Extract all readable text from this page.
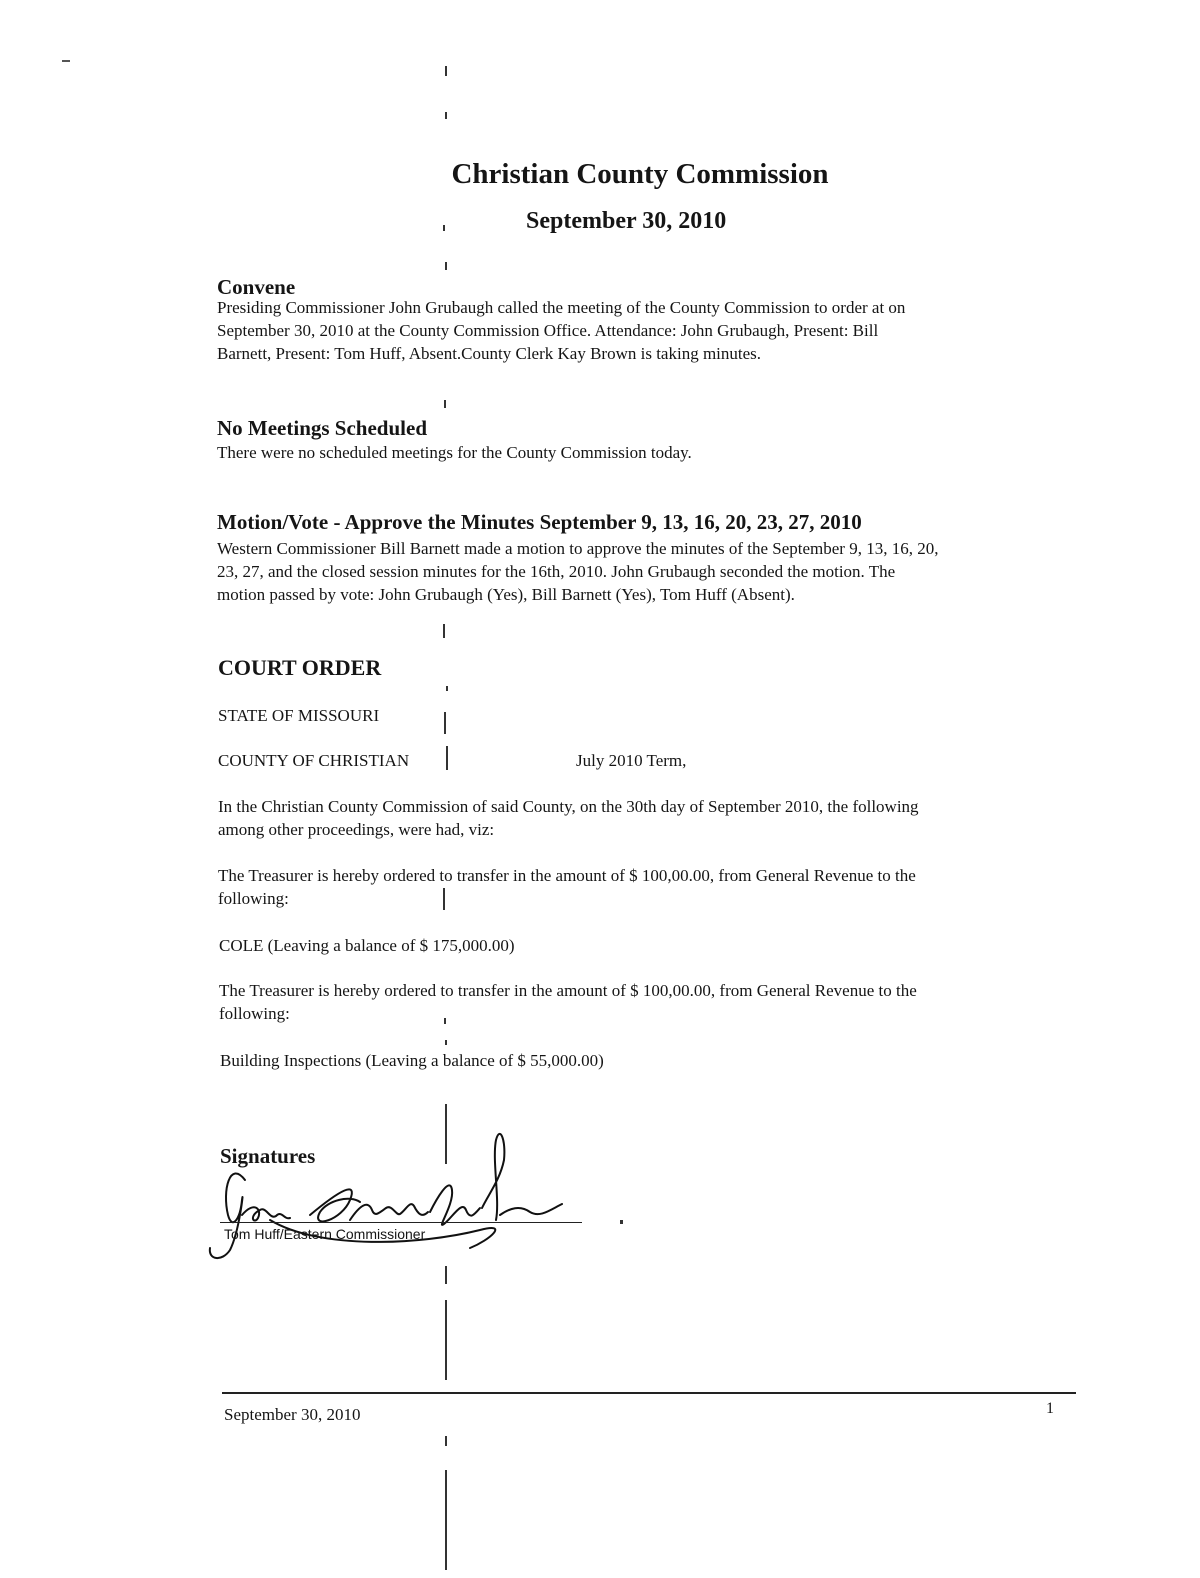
Christian County Commission
September 30, 2010
Convene
Presiding Commissioner John Grubaugh called the meeting of the County Commission to order at on
September 30, 2010 at the County Commission Office. Attendance: John Grubaugh, Present: Bill
Barnett, Present: Tom Huff, Absent.County Clerk Kay Brown is taking minutes.
No Meetings Scheduled
There were no scheduled meetings for the County Commission today.
Motion/Vote - Approve the Minutes September 9, 13, 16, 20, 23, 27, 2010
Western Commissioner Bill Barnett made a motion to approve the minutes of the September 9, 13, 16, 20,
23, 27, and the closed session minutes for the 16th, 2010. John Grubaugh seconded the motion. The
motion passed by vote: John Grubaugh (Yes), Bill Barnett (Yes), Tom Huff (Absent).
COURT ORDER
STATE OF MISSOURI
COUNTY OF CHRISTIAN	July 2010 Term,
In the Christian County Commission of said County, on the 30th day of September 2010, the following
among other proceedings, were had, viz:
The Treasurer is hereby ordered to transfer in the amount of $ 100,00.00, from General Revenue to the
following:
COLE (Leaving a balance of $ 175,000.00)
The Treasurer is hereby ordered to transfer in the amount of $ 100,00.00, from General Revenue to the
following:
Building Inspections (Leaving a balance of $ 55,000.00)
Signatures
Tom Huff/Eastern Commissioner
September 30, 2010	1
